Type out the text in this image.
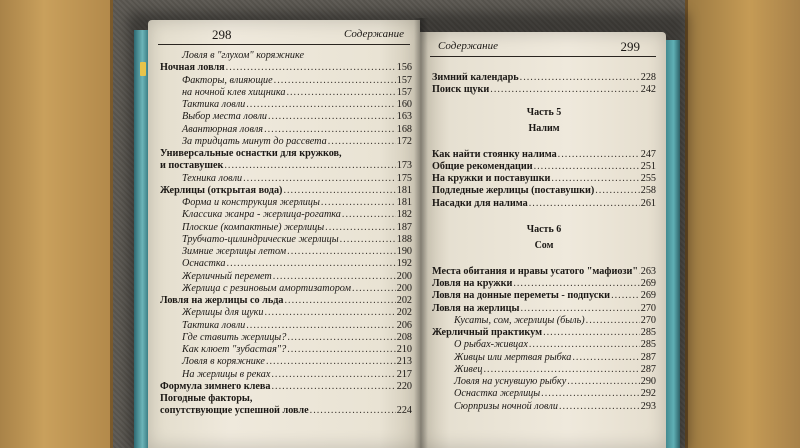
298	Содержание
Ловля в "глухом" коряжнике
Ночная ловля .....	156
Факторы, влияющие .....	157
на ночной клев хищника .....	157
Тактика ловли .....	160
Выбор места ловли .....	163
Авантюрная ловля .....	168
За тридцать минут до рассвета .....	172
Универсальные оснастки для кружков,
и поставушек .....	173
Техника ловли .....	175
Жерлицы (открытая вода) .....	181
Форма и конструкция жерлицы .....	181
Классика жанра - жерлица-рогатка .....	182
Плоские (компактные) жерлицы .....	187
Трубчато-цилиндрические жерлицы .....	188
Зимние жерлицы летом .....	190
Оснастка .....	192
Жерличный перемет .....	200
Жерлица с резиновым амортизатором .....	200
Ловля на жерлицы со льда .....	202
Жерлицы для щуки .....	202
Тактика ловли .....	206
Где ставить жерлицы? .....	208
Как клюет "зубастая"? .....	210
Ловля в коряжнике .....	213
На жерлицы в реках .....	217
Формула зимнего клева .....	220
Погодные факторы,
сопутствующие успешной ловле .....	224
Содержание	299
Зимний календарь .....	228
Поиск щуки .....	242
Часть 5
Налим
Как найти стоянку налима .....	247
Общие рекомендации .....	251
На кружки и поставушки .....	255
Подледные жерлицы (поставушки) .....	258
Насадки для налима .....	261
Часть 6
Сом
Места обитания и нравы усатого "мафиози" ..... 263
Ловля на кружки .....	269
Ловля на донные переметы - подпуски .....	269
Ловля на жерлицы .....	270
Кусаты, сом, жерлицы (быль) .....	270
Жерличный практикум .....	285
О рыбах-живцах .....	285
Живцы или мертвая рыбка .....	287
Живец .....	287
Ловля на уснувшую рыбку .....	290
Оснастка жерлицы .....	292
Сюрпризы ночной ловли .....	293
